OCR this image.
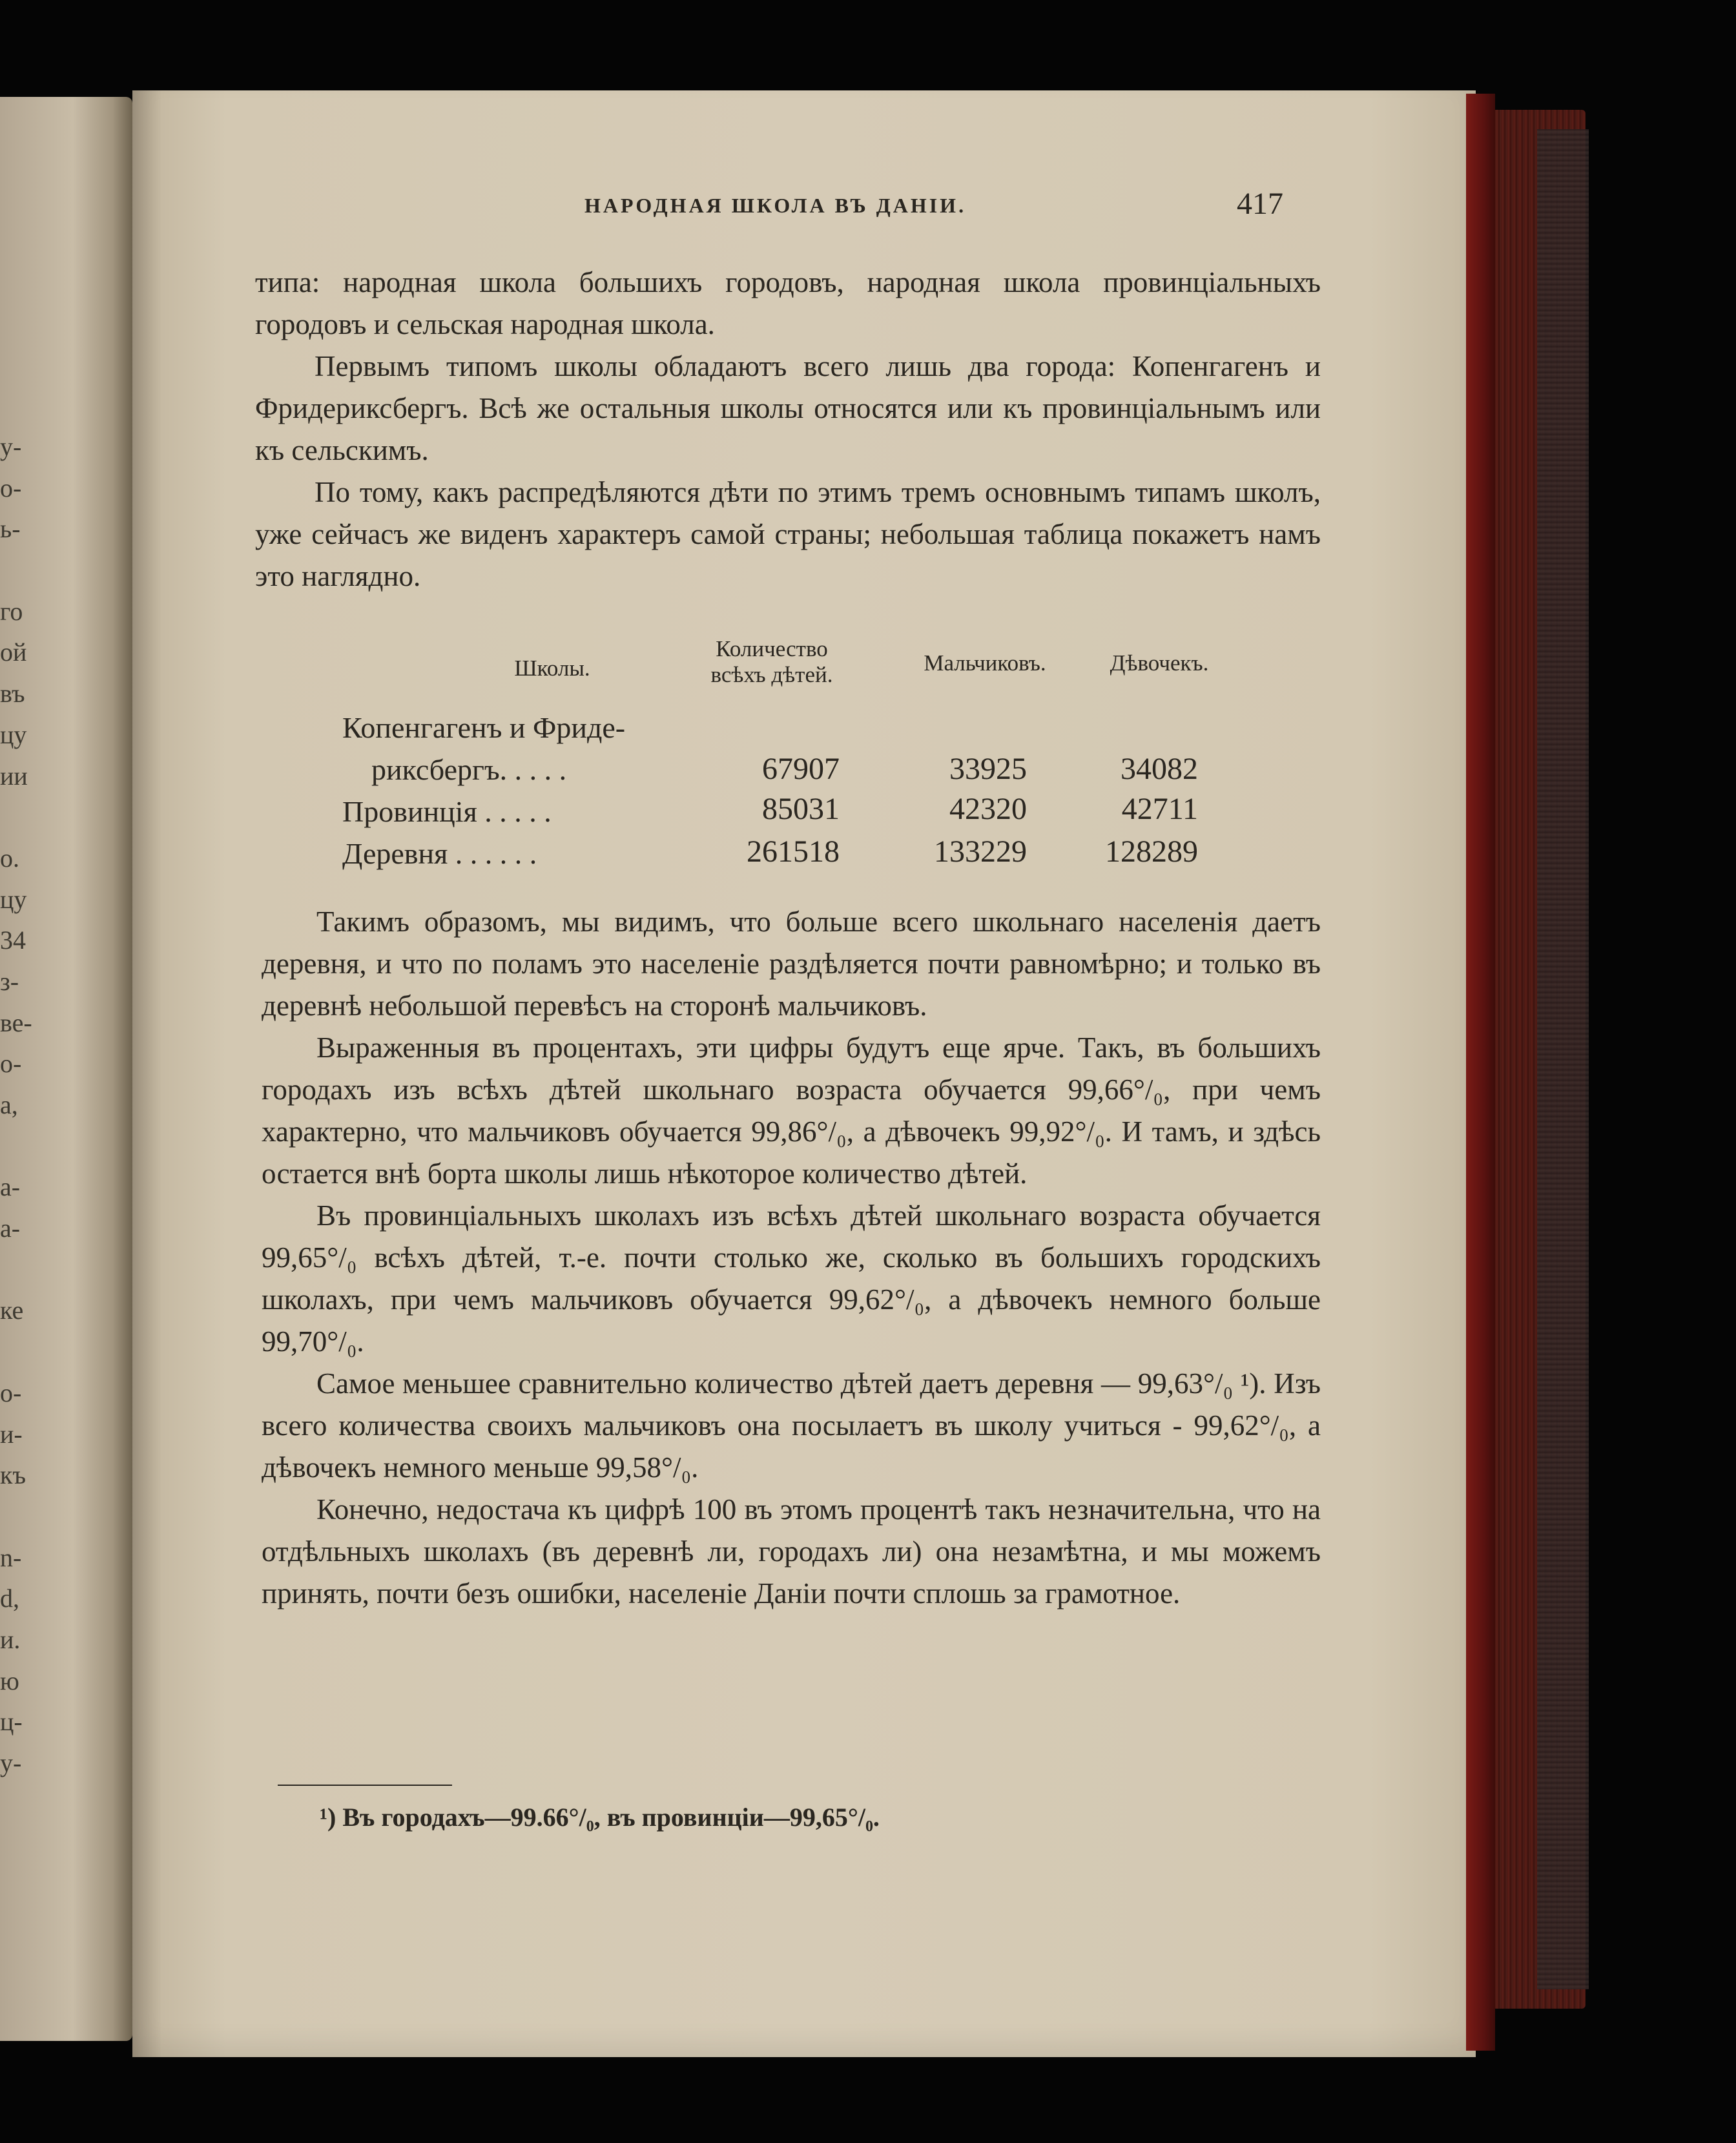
у-
о-
ь-
го
ой
въ
цу
ии
о.
цу
34
з-
ве-
о-
а,
а-
а-
ке
о-
и-
къ
n-
d,
и.
ю
ц-
у-
НАРОДНАЯ ШКОЛА ВЪ ДАНІИ.	417

типа: народная школа большихъ городовъ, народная школа провинціальныхъ городовъ и сельская народная школа.

Первымъ типомъ школы обладаютъ всего лишь два города: Копенгагенъ и Фридериксбергъ. Всѣ же остальныя школы относятся или къ провинціальнымъ или къ сельскимъ.

По тому, какъ распредѣляются дѣти по этимъ тремъ основнымъ типамъ школъ, уже сейчасъ же виденъ характеръ самой страны; небольшая таблица покажетъ намъ это наглядно.

Школы.
Количество
всѣхъ дѣтей.	Мальчиковъ.	Дѣвочекъ.
Копенгагенъ и Фриде-
риксбергъ. . . . .	67907	33925	34082
Провинція . . . . .	85031	42320	42711
Деревня . . . . . .	261518	133229	128289

Такимъ образомъ, мы видимъ, что больше всего школьнаго населенія даетъ деревня, и что по поламъ это населеніе раздѣляется почти равномѣрно; и только въ деревнѣ небольшой перевѣсъ на сторонѣ мальчиковъ.

Выраженныя въ процентахъ, эти цифры будутъ еще ярче. Такъ, въ большихъ городахъ изъ всѣхъ дѣтей школьнаго возраста обучается 99,66°/₀, при чемъ характерно, что мальчиковъ обучается 99,86°/₀, а дѣвочекъ 99,92°/₀. И тамъ, и здѣсь остается внѣ борта школы лишь нѣкоторое количество дѣтей.

Въ провинціальныхъ школахъ изъ всѣхъ дѣтей школьнаго возраста обучается 99,65°/₀ всѣхъ дѣтей, т.-е. почти столько же, сколько въ большихъ городскихъ школахъ, при чемъ мальчиковъ обучается 99,62°/₀, а дѣвочекъ немного больше 99,70°/₀.

Самое меньшее сравнительно количество дѣтей даетъ деревня — 99,63°/₀ ¹). Изъ всего количества своихъ мальчиковъ она посылаетъ въ школу учиться - 99,62°/₀, а дѣвочекъ немного меньше 99,58°/₀.

Конечно, недостача къ цифрѣ 100 въ этомъ процентѣ такъ незначительна, что на отдѣльныхъ школахъ (въ деревнѣ ли, городахъ ли) она незамѣтна, и мы можемъ принять, почти безъ ошибки, населеніе Даніи почти сплошь за грамотное.

¹) Въ городахъ—99.66°/₀, въ провинціи—99,65°/₀.
